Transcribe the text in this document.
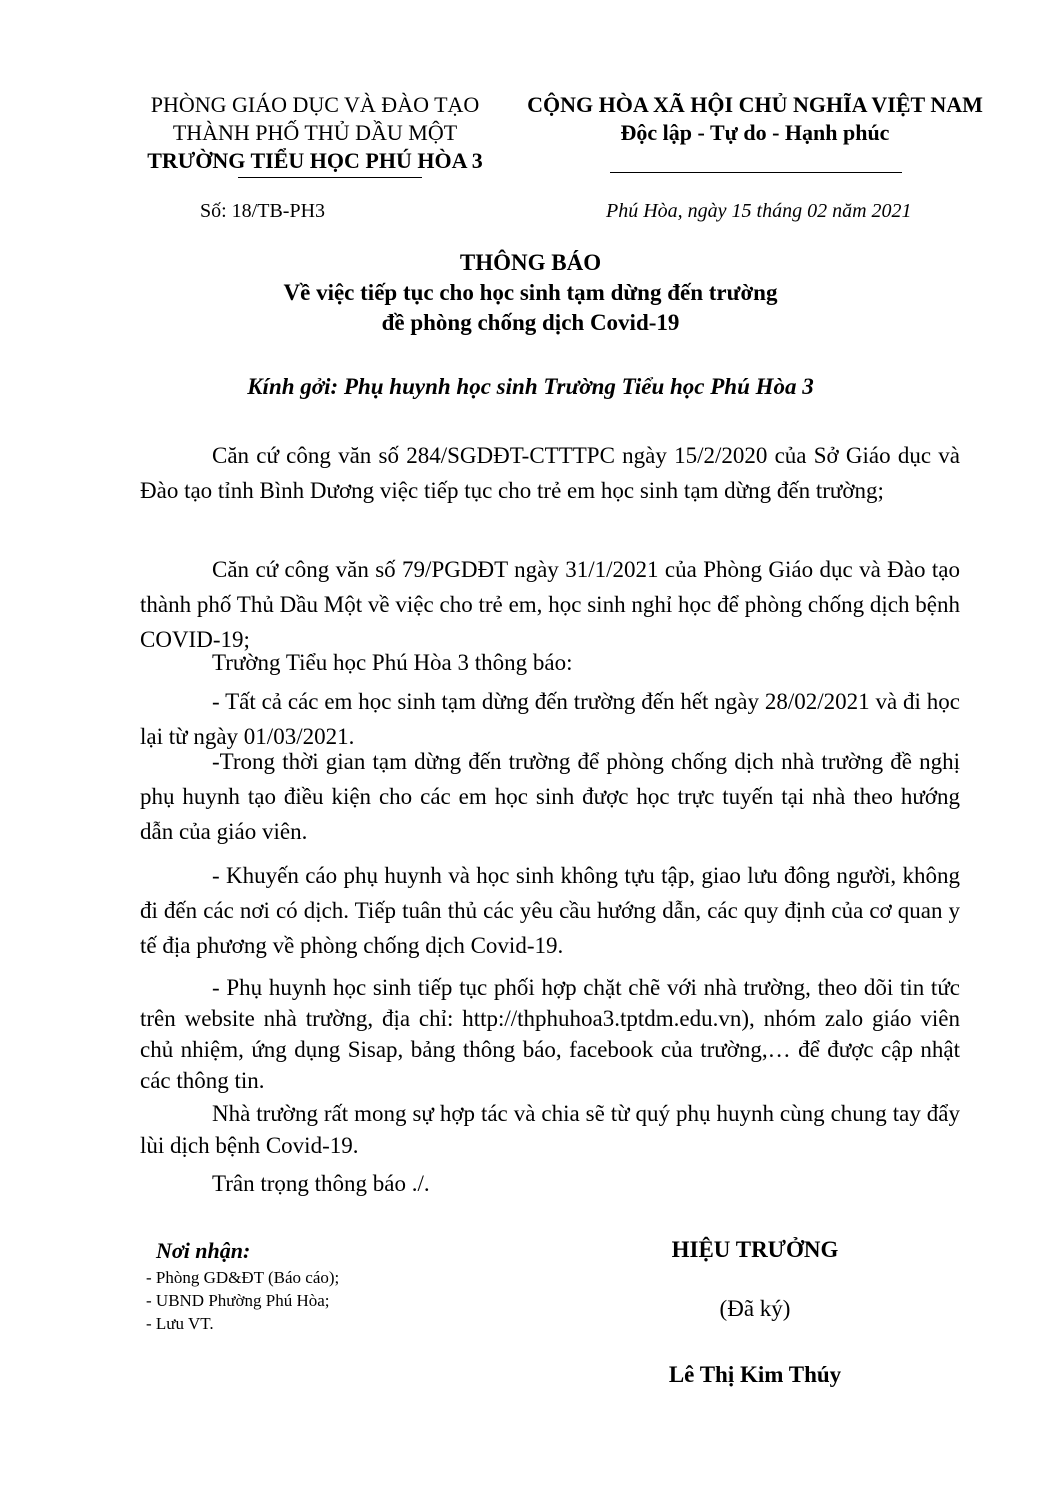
PHÒNG GIÁO DỤC VÀ ĐÀO TẠO
THÀNH PHỐ THỦ DẦU MỘT
TRƯỜNG TIỂU HỌC PHÚ HÒA 3
CỘNG HÒA XÃ HỘI CHỦ NGHĨA VIỆT NAM
Độc lập - Tự do - Hạnh phúc
Số: 18/TB-PH3	Phú Hòa, ngày 15 tháng 02 năm 2021
THÔNG BÁO
Về việc tiếp tục cho học sinh tạm dừng đến trường
đề phòng chống dịch Covid-19
Kính gởi: Phụ huynh học sinh Trường Tiểu học Phú Hòa 3
Căn cứ công văn số 284/SGDĐT-CTTTPC ngày 15/2/2020 của Sở Giáo dục và Đào tạo tỉnh Bình Dương việc tiếp tục cho trẻ em học sinh tạm dừng đến trường;
Căn cứ công văn số 79/PGDĐT ngày 31/1/2021 của Phòng Giáo dục và Đào tạo thành phố Thủ Dầu Một về việc cho trẻ em, học sinh nghỉ học để phòng chống dịch bệnh COVID-19;
Trường Tiểu học Phú Hòa 3 thông báo:
- Tất cả các em học sinh tạm dừng đến trường đến hết ngày 28/02/2021 và đi học lại từ ngày 01/03/2021.
-Trong thời gian tạm dừng đến trường để phòng chống dịch nhà trường đề nghị phụ huynh tạo điều kiện cho các em học sinh được học trực tuyến tại nhà theo hướng dẫn của giáo viên.
- Khuyến cáo phụ huynh và học sinh không tựu tập, giao lưu đông người, không đi đến các nơi có dịch. Tiếp tuân thủ các yêu cầu hướng dẫn, các quy định của cơ quan y tế địa phương về phòng chống dịch Covid-19.
- Phụ huynh học sinh tiếp tục phối hợp chặt chẽ với nhà trường, theo dõi tin tức trên website nhà trường, địa chỉ: http://thphuhoa3.tptdm.edu.vn), nhóm zalo giáo viên chủ nhiệm, ứng dụng Sisap, bảng thông báo, facebook của trường,… để được cập nhật các thông tin.
Nhà trường rất mong sự hợp tác và chia sẽ từ quý phụ huynh cùng chung tay đẩy lùi dịch bệnh Covid-19.
Trân trọng thông báo ./.
Nơi nhận:
- Phòng GD&ĐT (Báo cáo);
- UBND Phường Phú Hòa;
- Lưu VT.
HIỆU TRƯỞNG
(Đã ký)
Lê Thị Kim Thúy
